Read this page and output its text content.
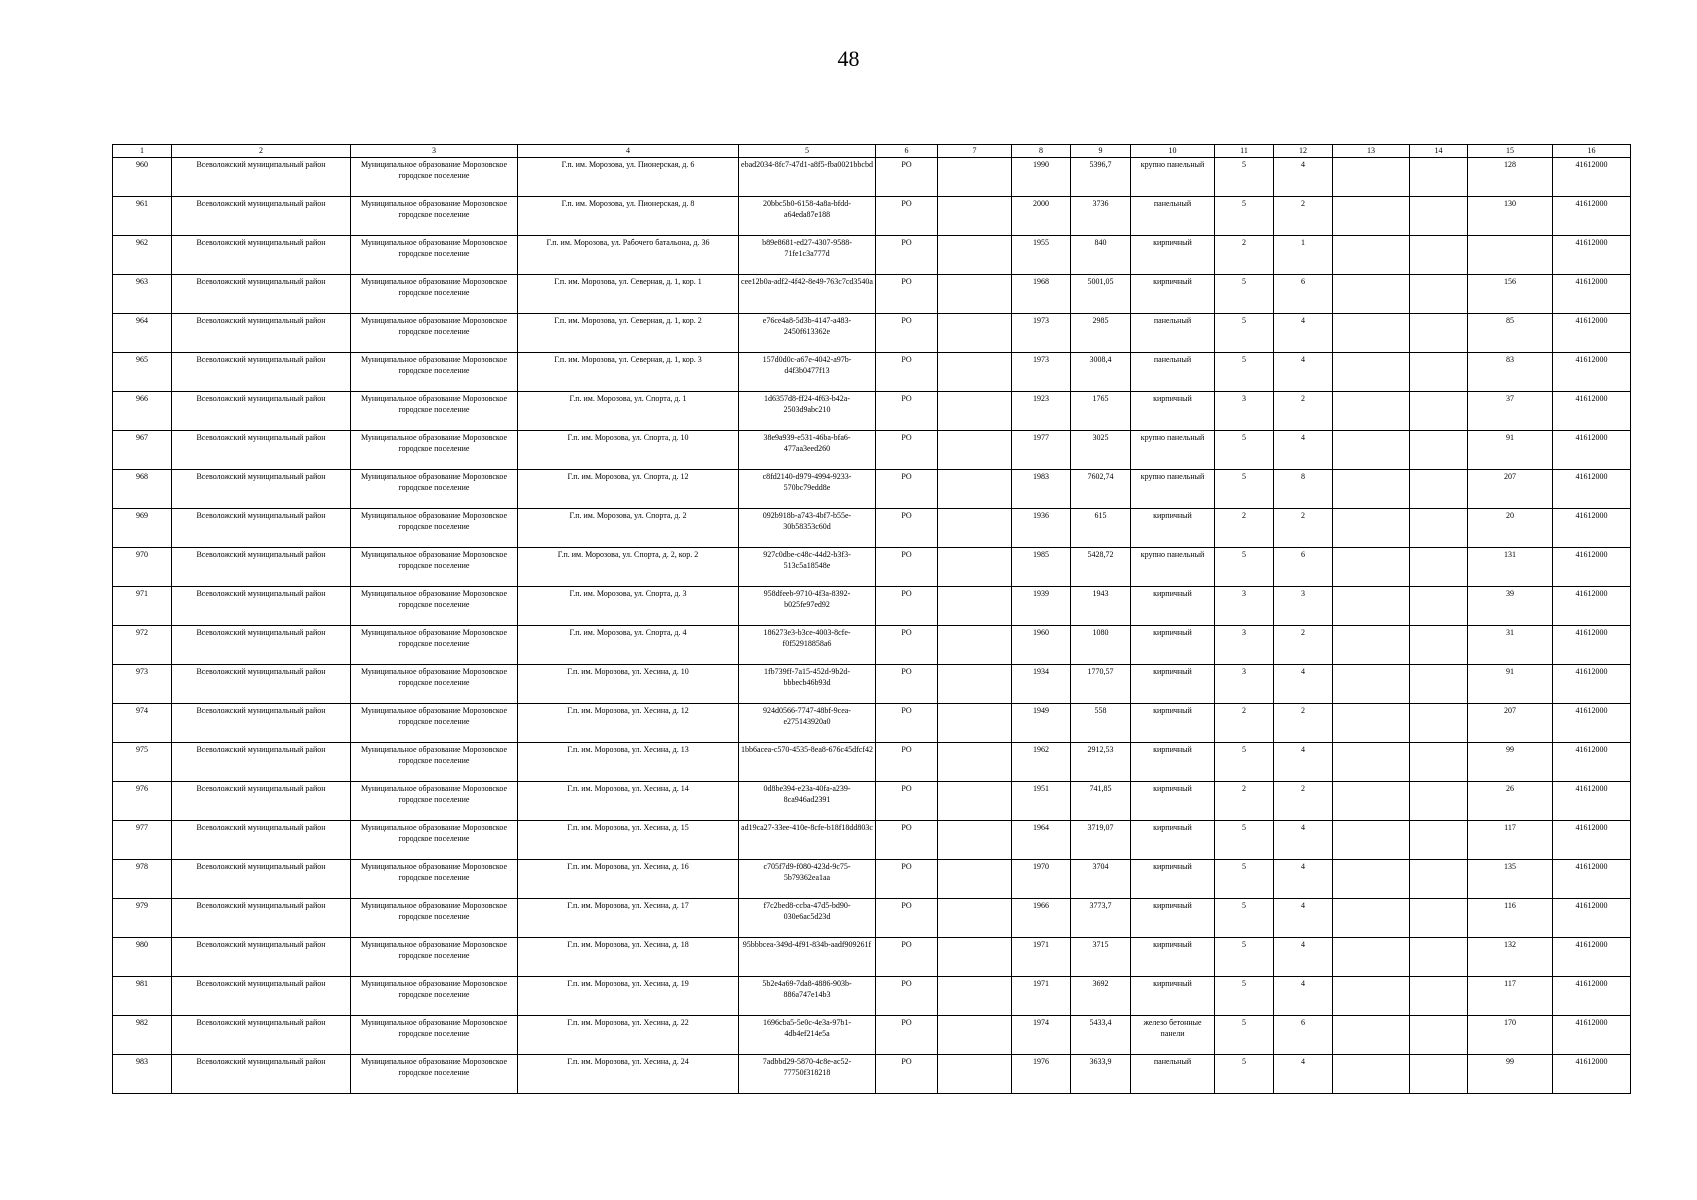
48
1	2	3	4	5	6	7	8	9	10	11	12	13	14	15	16
960	Всеволожский муниципальный район	Муниципальное образование Морозовское городское поселение	Г.п. им. Морозова, ул. Пионерская, д. 6	ebad2034-8fc7-47d1-a8f5-fba0021bbcbd	РО		1990	5396,7	крупно панельный	5	4			128	41612000
961	Всеволожский муниципальный район	Муниципальное образование Морозовское городское поселение	Г.п. им. Морозова, ул. Пионерская, д. 8	20bbc5b0-6158-4a8a-bfdd-a64eda87e188	РО		2000	3736	панельный	5	2			130	41612000
962	Всеволожский муниципальный район	Муниципальное образование Морозовское городское поселение	Г.п. им. Морозова, ул. Рабочего батальона, д. 36	b89e8681-ed27-4307-9588-71fe1c3a777d	РО		1955	840	кирпичный	2	1				41612000
963	Всеволожский муниципальный район	Муниципальное образование Морозовское городское поселение	Г.п. им. Морозова, ул. Северная, д. 1, кор. 1	cee12b0a-adf2-4f42-8e49-763c7cd3540a	РО		1968	5001,05	кирпичный	5	6			156	41612000
964	Всеволожский муниципальный район	Муниципальное образование Морозовское городское поселение	Г.п. им. Морозова, ул. Северная, д. 1, кор. 2	e76ce4a8-5d3b-4147-a483-2450f613362e	РО		1973	2985	панельный	5	4			85	41612000
965	Всеволожский муниципальный район	Муниципальное образование Морозовское городское поселение	Г.п. им. Морозова, ул. Северная, д. 1, кор. 3	157d0d0c-a67e-4042-a97b-d4f3b0477f13	РО		1973	3008,4	панельный	5	4			83	41612000
966	Всеволожский муниципальный район	Муниципальное образование Морозовское городское поселение	Г.п. им. Морозова, ул. Спорта, д. 1	1d6357d8-ff24-4f63-b42a-2503d9abc210	РО		1923	1765	кирпичный	3	2			37	41612000
967	Всеволожский муниципальный район	Муниципальное образование Морозовское городское поселение	Г.п. им. Морозова, ул. Спорта, д. 10	38e9a939-e531-46ba-bfa6-477aa3eed260	РО		1977	3025	крупно панельный	5	4			91	41612000
968	Всеволожский муниципальный район	Муниципальное образование Морозовское городское поселение	Г.п. им. Морозова, ул. Спорта, д. 12	c8fd2140-d979-4994-9233-570bc79edd8e	РО		1983	7602,74	крупно панельный	5	8			207	41612000
969	Всеволожский муниципальный район	Муниципальное образование Морозовское городское поселение	Г.п. им. Морозова, ул. Спорта, д. 2	092b918b-a743-4bf7-b55e-30b58353c60d	РО		1936	615	кирпичный	2	2			20	41612000
970	Всеволожский муниципальный район	Муниципальное образование Морозовское городское поселение	Г.п. им. Морозова, ул. Спорта, д. 2, кор. 2	927c0dbe-c48c-44d2-b3f3-513c5a18548e	РО		1985	5428,72	крупно панельный	5	6			131	41612000
971	Всеволожский муниципальный район	Муниципальное образование Морозовское городское поселение	Г.п. им. Морозова, ул. Спорта, д. 3	958dfeeb-9710-4f3a-8392-b025fe97ed92	РО		1939	1943	кирпичный	3	3			39	41612000
972	Всеволожский муниципальный район	Муниципальное образование Морозовское городское поселение	Г.п. им. Морозова, ул. Спорта, д. 4	186273e3-b3ce-4003-8cfe-f0f52918858a6	РО		1960	1080	кирпичный	3	2			31	41612000
973	Всеволожский муниципальный район	Муниципальное образование Морозовское городское поселение	Г.п. им. Морозова, ул. Хесина, д. 10	1fb739ff-7a15-452d-9b2d-bbbecb46b93d	РО		1934	1770,57	кирпичный	3	4			91	41612000
974	Всеволожский муниципальный район	Муниципальное образование Морозовское городское поселение	Г.п. им. Морозова, ул. Хесина, д. 12	924d0566-7747-48bf-9cea-e275143920a0	РО		1949	558	кирпичный	2	2			207	41612000
975	Всеволожский муниципальный район	Муниципальное образование Морозовское городское поселение	Г.п. им. Морозова, ул. Хесина, д. 13	1bb6acea-c570-4535-8ea8-676c45dfcf42	РО		1962	2912,53	кирпичный	5	4			99	41612000
976	Всеволожский муниципальный район	Муниципальное образование Морозовское городское поселение	Г.п. им. Морозова, ул. Хесина, д. 14	0d8be394-e23a-40fa-a239-8ca946ad2391	РО		1951	741,85	кирпичный	2	2			26	41612000
977	Всеволожский муниципальный район	Муниципальное образование Морозовское городское поселение	Г.п. им. Морозова, ул. Хесина, д. 15	ad19ca27-33ee-410e-8cfe-b18f18dd803c	РО		1964	3719,07	кирпичный	5	4			117	41612000
978	Всеволожский муниципальный район	Муниципальное образование Морозовское городское поселение	Г.п. им. Морозова, ул. Хесина, д. 16	c705f7d9-f080-423d-9c75-5b79362ea1aa	РО		1970	3704	кирпичный	5	4			135	41612000
979	Всеволожский муниципальный район	Муниципальное образование Морозовское городское поселение	Г.п. им. Морозова, ул. Хесина, д. 17	f7c2bed8-ccba-47d5-bd90-030e6ac5d23d	РО		1966	3773,7	кирпичный	5	4			116	41612000
980	Всеволожский муниципальный район	Муниципальное образование Морозовское городское поселение	Г.п. им. Морозова, ул. Хесина, д. 18	95bbbcea-349d-4f91-834b-aadf909261f	РО		1971	3715	кирпичный	5	4			132	41612000
981	Всеволожский муниципальный район	Муниципальное образование Морозовское городское поселение	Г.п. им. Морозова, ул. Хесина, д. 19	5b2e4a69-7da8-4886-903b-886a747e14b3	РО		1971	3692	кирпичный	5	4			117	41612000
982	Всеволожский муниципальный район	Муниципальное образование Морозовское городское поселение	Г.п. им. Морозова, ул. Хесина, д. 22	1696cba5-5e0c-4e3a-97b1-4db4ef214e5a	РО		1974	5433,4	железо бетонные панели	5	6			170	41612000
983	Всеволожский муниципальный район	Муниципальное образование Морозовское городское поселение	Г.п. им. Морозова, ул. Хесина, д. 24	7adbbd29-5870-4c8e-ac52-77750f318218	РО		1976	3633,9	панельный	5	4			99	41612000
